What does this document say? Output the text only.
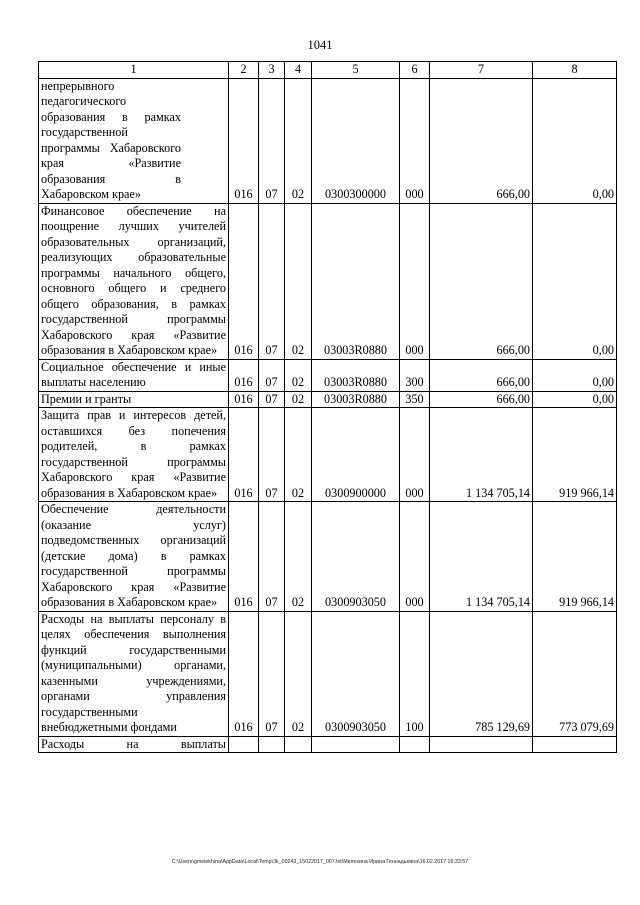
1041
1	2	3	4	5	6	7	8

непрерывного педагогического образования в рамках государственной программы Хабаровского края «Развитие образования в Хабаровском крае»	016	07	02	0300300000	000	666,00	0,00

Финансовое обеспечение на поощрение лучших учителей образовательных организаций, реализующих образовательные программы начального общего, основного общего и среднего общего образования, в рамках государственной программы Хабаровского края «Развитие образования в Хабаровском крае»	016	07	02	03003R0880	000	666,00	0,00

Социальное обеспечение и иные выплаты населению	016	07	02	03003R0880	300	666,00	0,00

Премии и гранты	016	07	02	03003R0880	350	666,00	0,00

Защита прав и интересов детей, оставшихся без попечения родителей, в рамках государственной программы Хабаровского края «Развитие образования в Хабаровском крае»	016	07	02	0300900000	000	1 134 705,14	919 966,14

Обеспечение деятельности (оказание услуг) подведомственных организаций (детские дома) в рамках государственной программы Хабаровского края «Развитие образования в Хабаровском крае»	016	07	02	0300903050	000	1 134 705,14	919 966,14

Расходы на выплаты персоналу в целях обеспечения выполнения функций государственными (муниципальными) органами, казенными учреждениями, органами управления государственными внебюджетными фондами	016	07	02	0300903050	100	785 129,69	773 079,69

Расходы на выплаты							

C:\Users\gmelekhina\AppData\Local\Temp\3k_00243_15022017_007.txt\Мелехина Ирина Геннадьевна\16.02.2017 16:33:57
